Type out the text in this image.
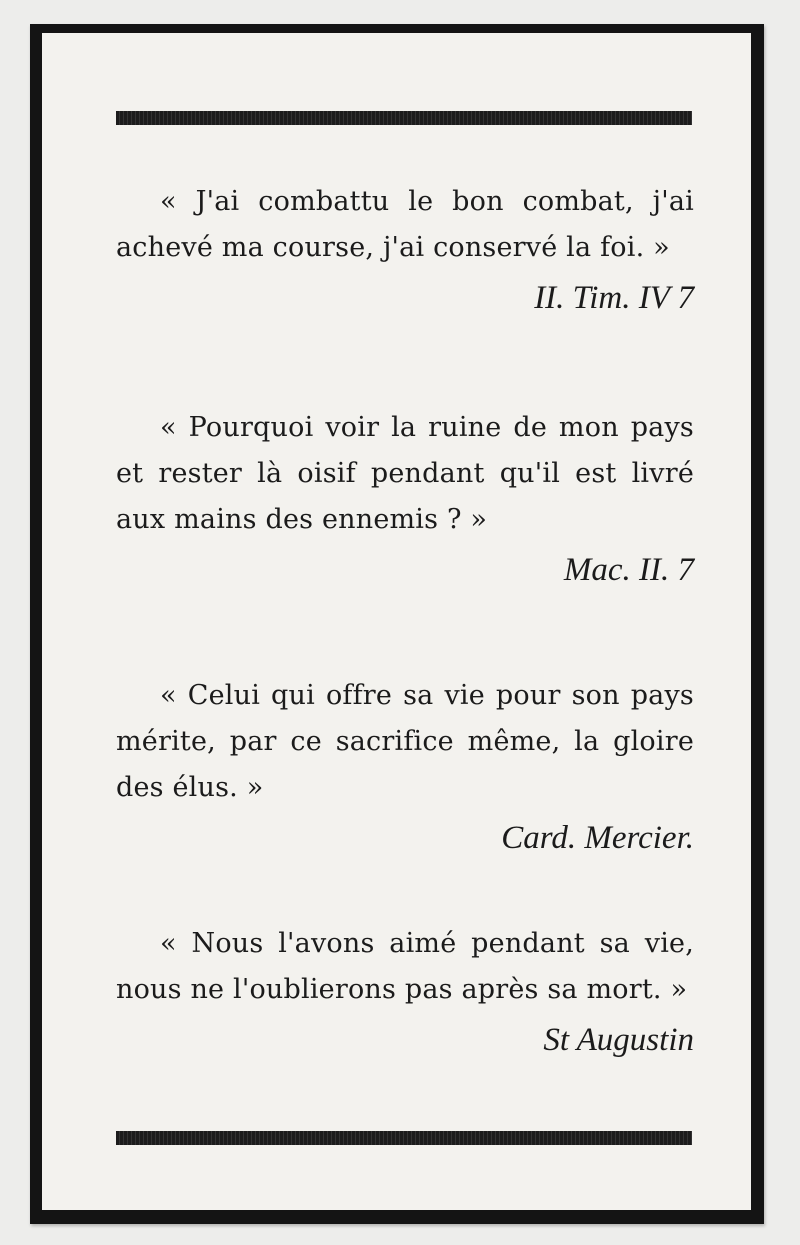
« J'ai combattu le bon combat, j'ai achevé ma course, j'ai conservé la foi. »

II. Tim. IV 7

« Pourquoi voir la ruine de mon pays et rester là oisif pendant qu'il est livré aux mains des ennemis ? »

Mac. II. 7

« Celui qui offre sa vie pour son pays mérite, par ce sacrifice même, la gloire des élus. »

Card. Mercier.

« Nous l'avons aimé pendant sa vie, nous ne l'oublierons pas après sa mort. »

St Augustin
